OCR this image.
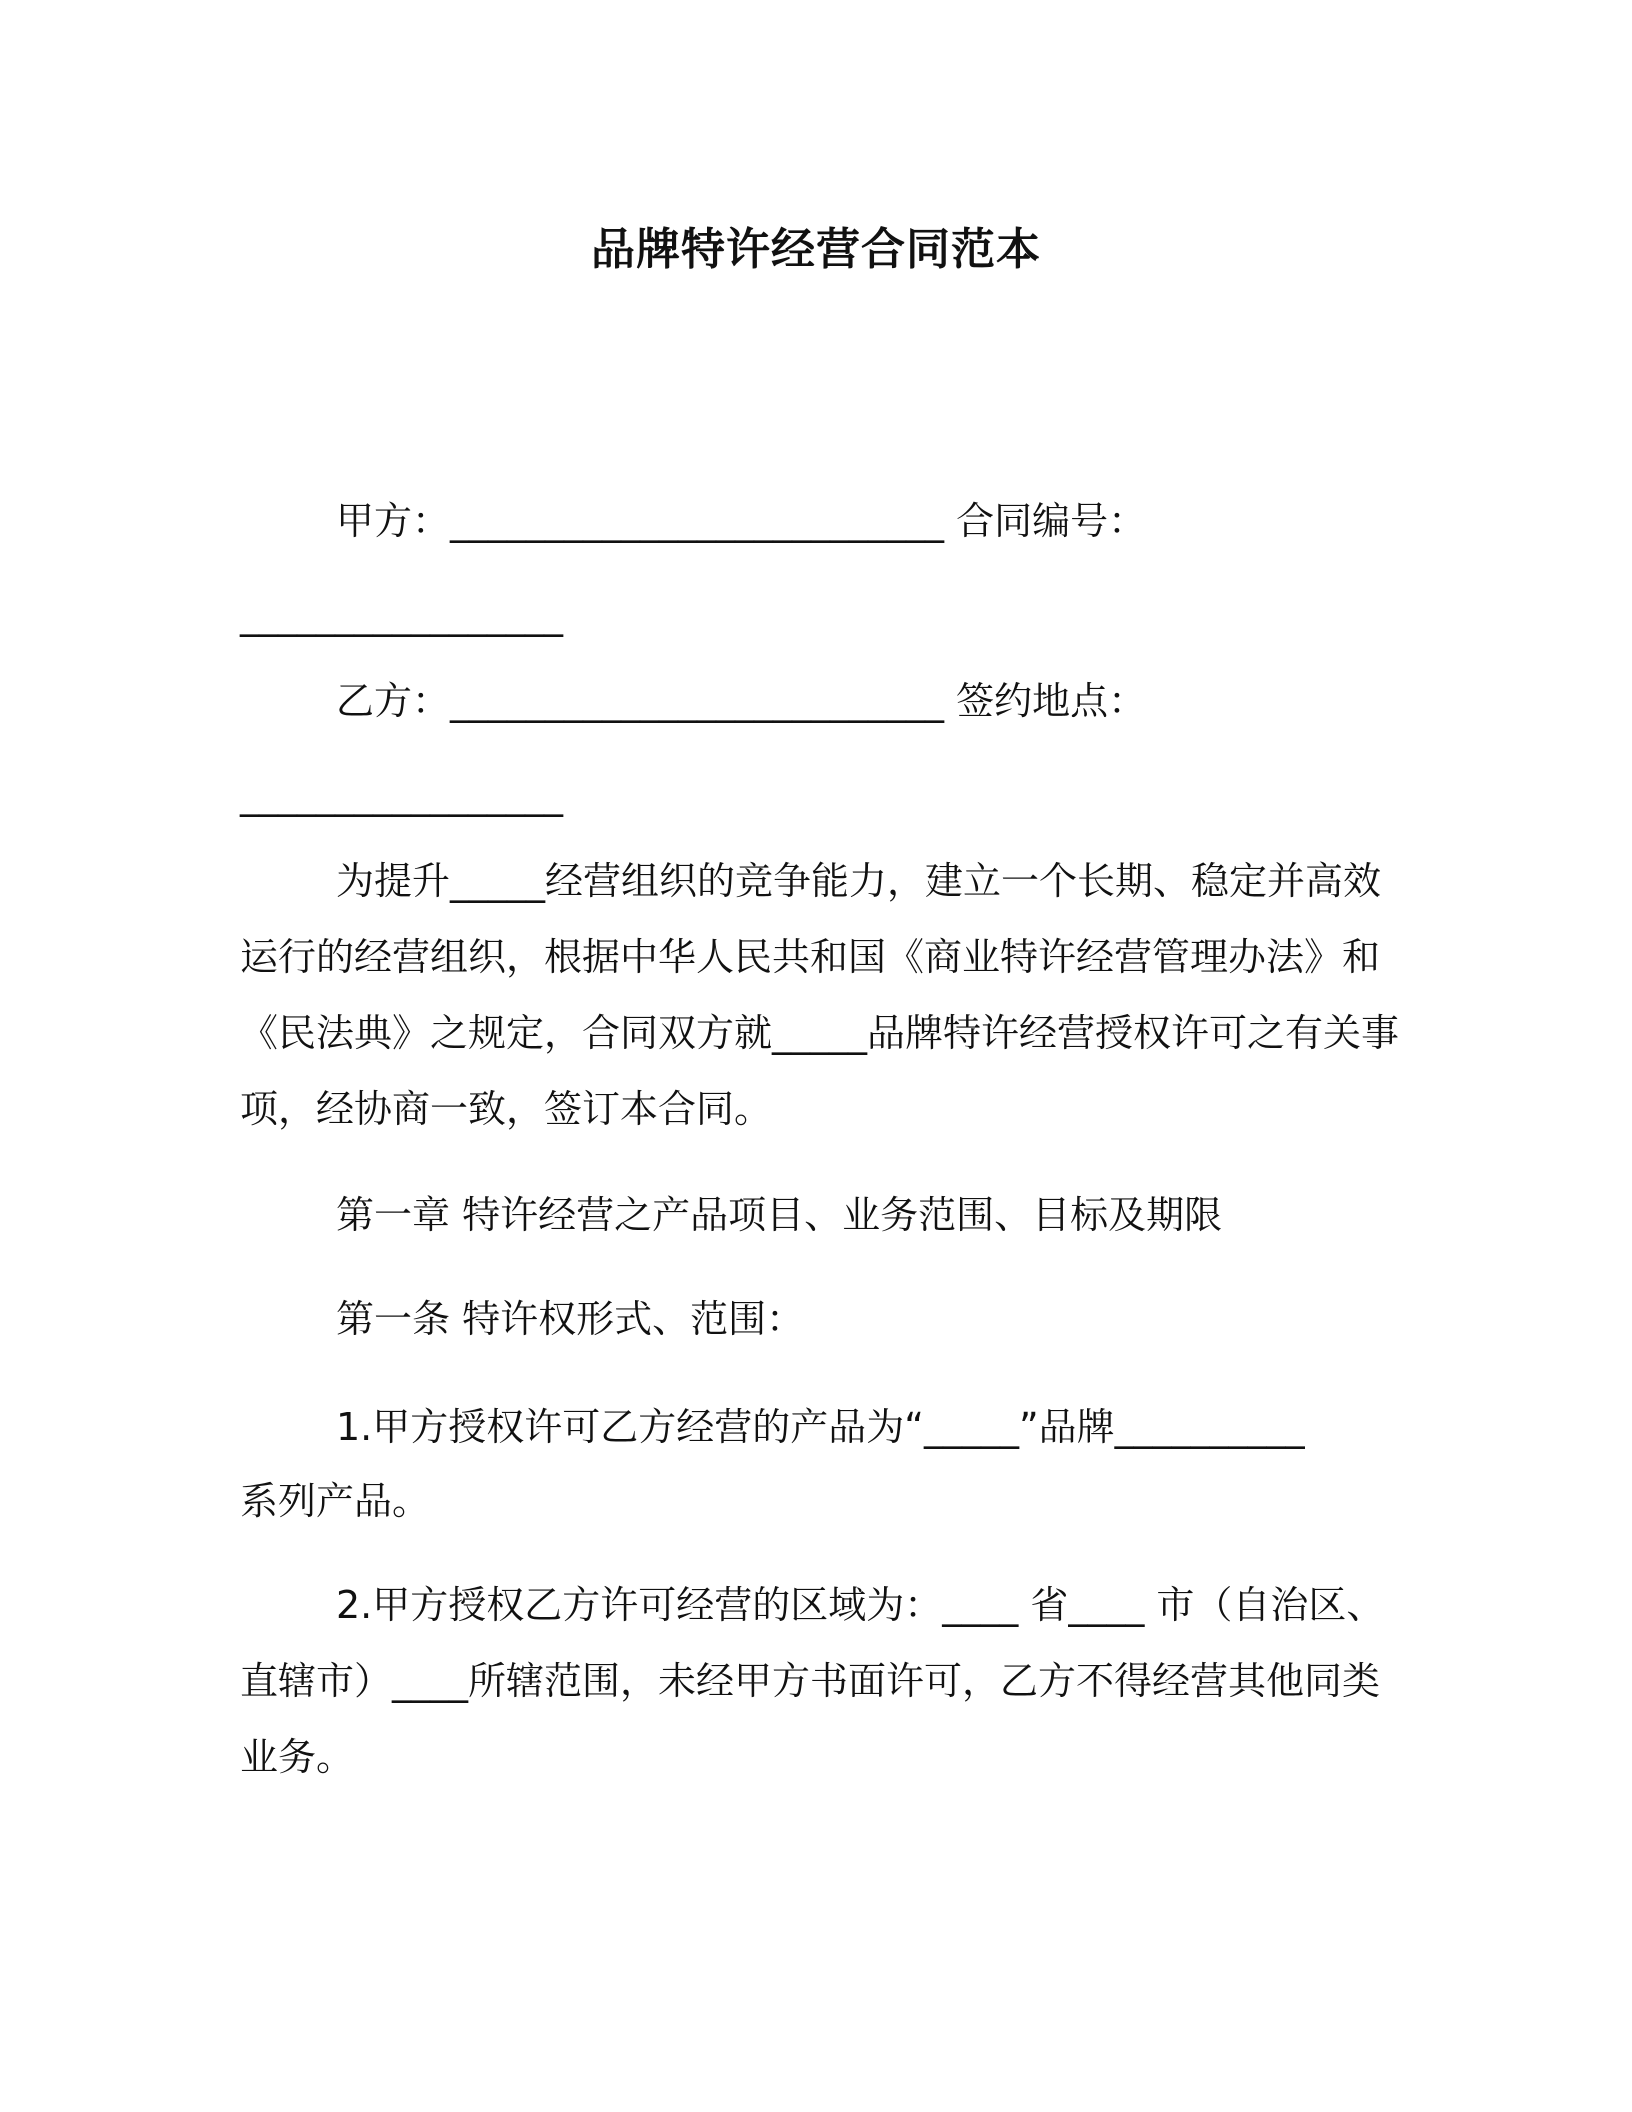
品牌特许经营合同范本
甲方：__________________________ 合同编号：
_________________
乙方：__________________________ 签约地点：
_________________
为提升_____经营组织的竞争能力，建立一个长期、稳定并高效
运行的经营组织，根据中华人民共和国《商业特许经营管理办法》和
《民法典》之规定，合同双方就_____品牌特许经营授权许可之有关事
项，经协商一致，签订本合同。
第一章 特许经营之产品项目、业务范围、目标及期限
第一条 特许权形式、范围：
1.甲方授权许可乙方经营的产品为“_____”品牌__________
系列产品。
2.甲方授权乙方许可经营的区域为：____ 省____ 市（自治区、
直辖市）____所辖范围，未经甲方书面许可，乙方不得经营其他同类
业务。
